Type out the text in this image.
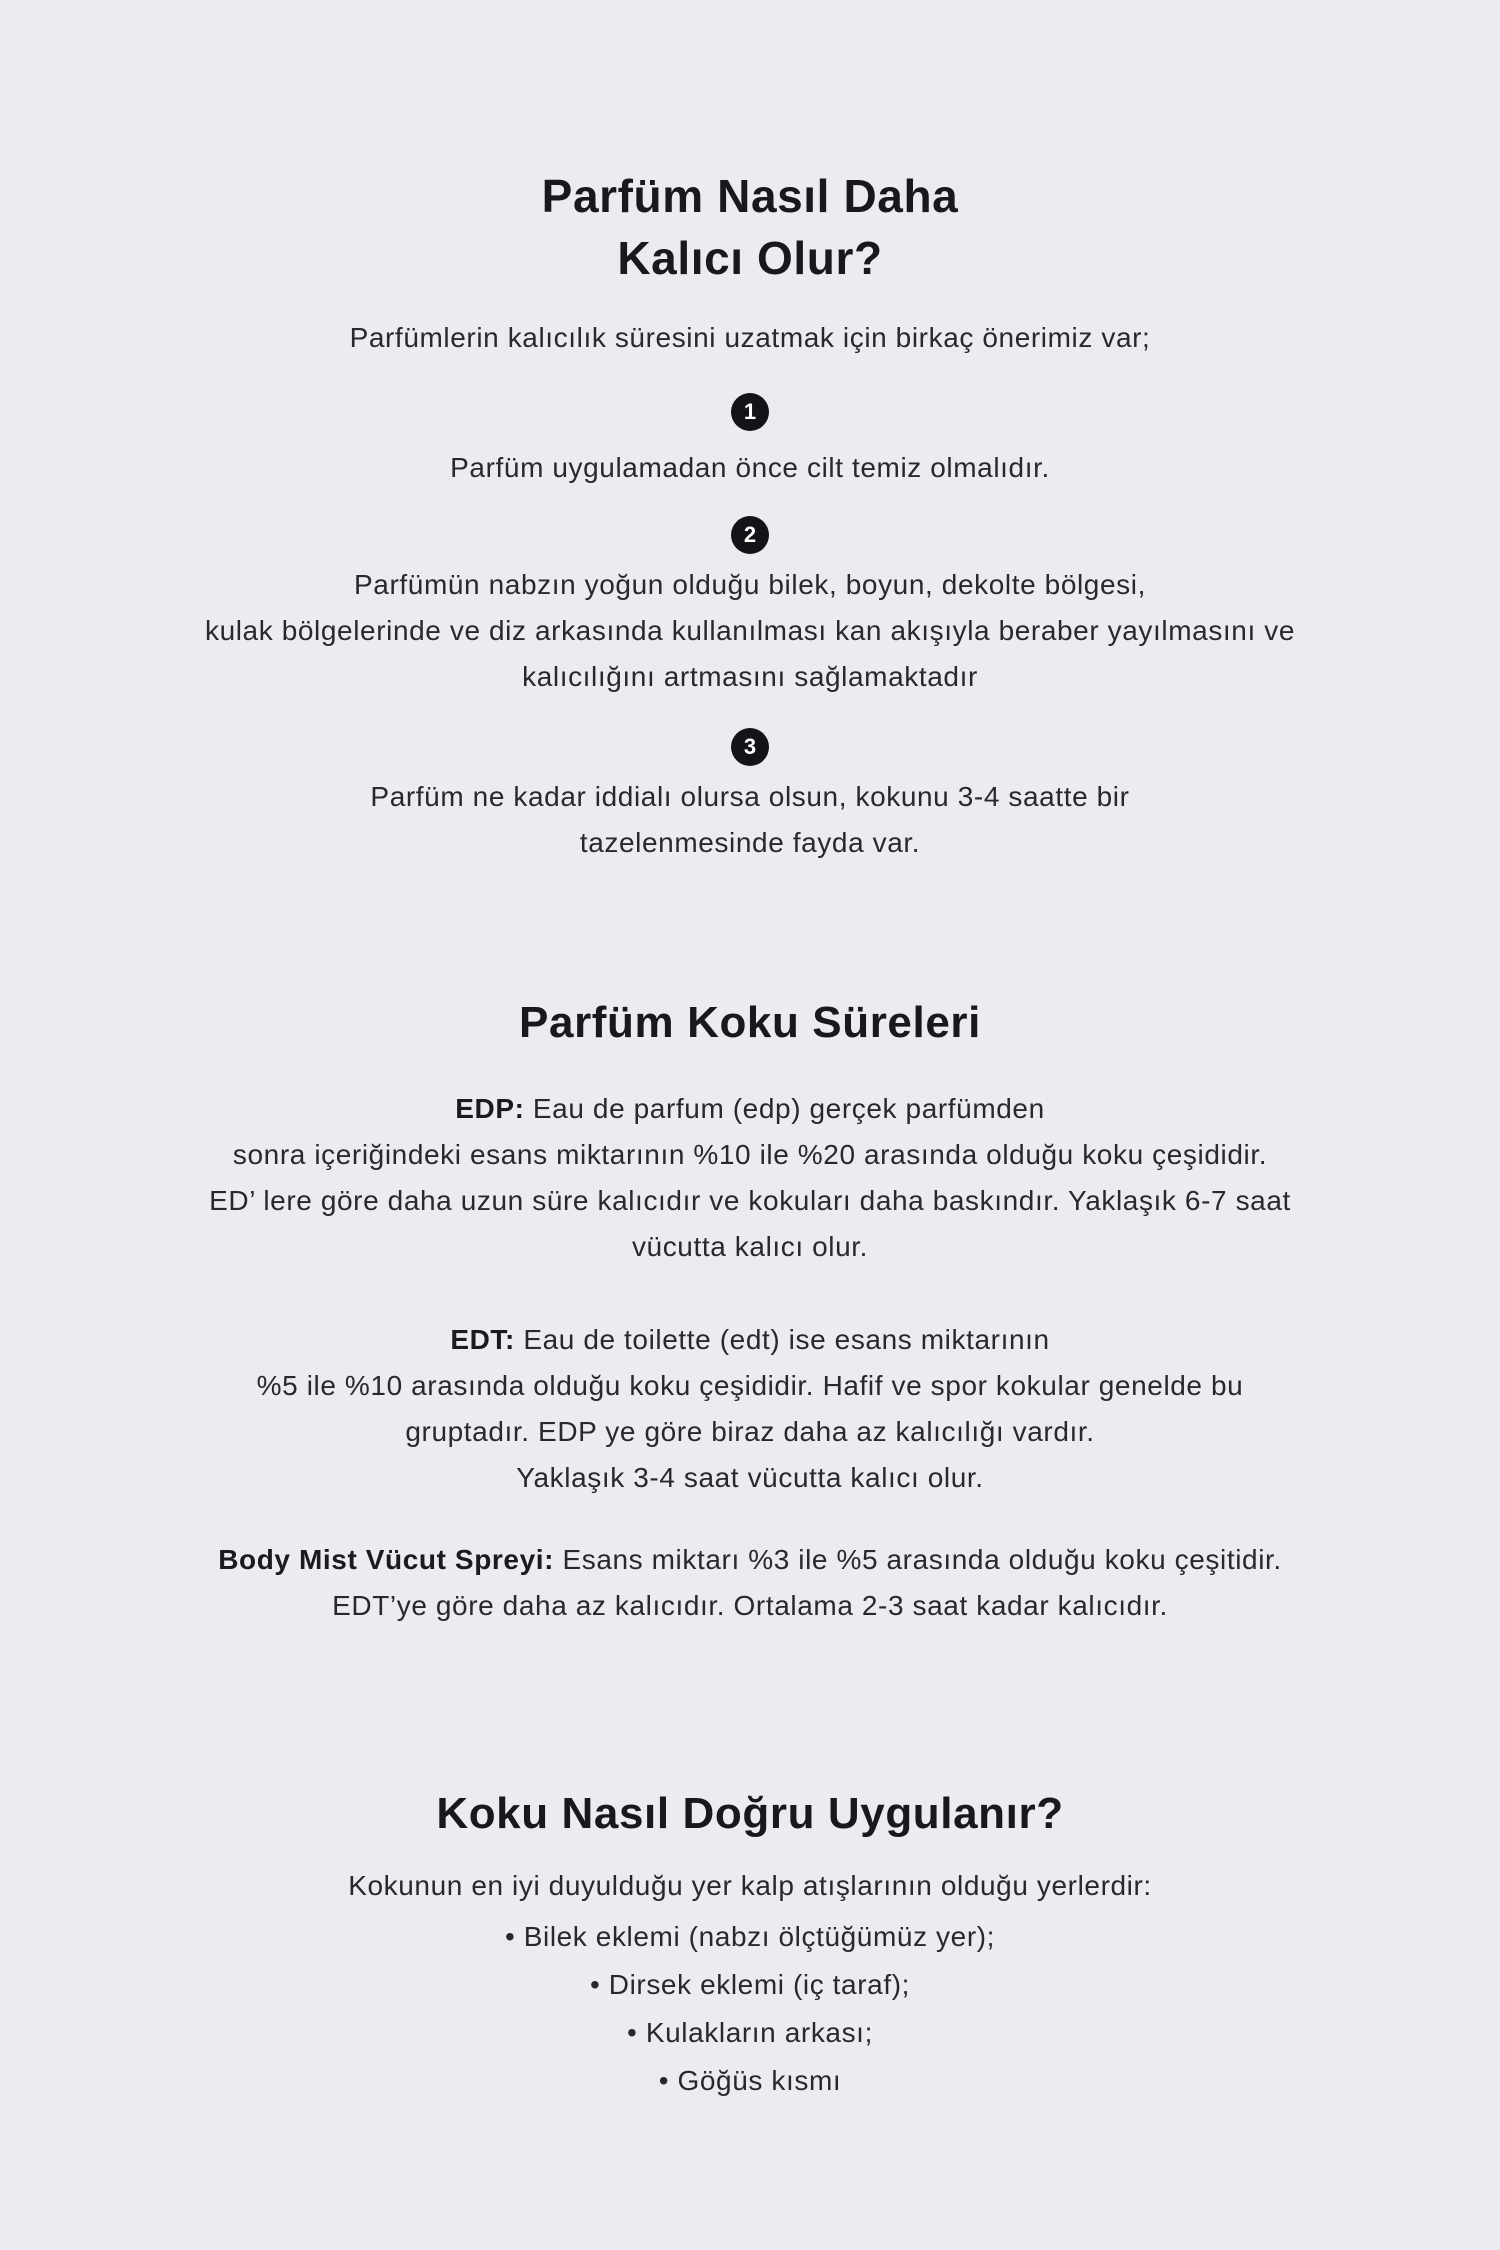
Parfüm Nasıl Daha
Kalıcı Olur?

Parfümlerin kalıcılık süresini uzatmak için birkaç önerimiz var;

1

Parfüm uygulamadan önce cilt temiz olmalıdır.

2

Parfümün nabzın yoğun olduğu bilek, boyun, dekolte bölgesi,
kulak bölgelerinde ve diz arkasında kullanılması kan akışıyla beraber yayılmasını ve
kalıcılığını artmasını sağlamaktadır

3

Parfüm ne kadar iddialı olursa olsun, kokunu 3-4 saatte bir
tazelenmesinde fayda var.

Parfüm Koku Süreleri

EDP: Eau de parfum (edp) gerçek parfümden
sonra içeriğindeki esans miktarının %10 ile %20 arasında olduğu koku çeşididir.
ED’ lere göre daha uzun süre kalıcıdır ve kokuları daha baskındır. Yaklaşık 6-7 saat
vücutta kalıcı olur.

EDT: Eau de toilette (edt) ise esans miktarının
%5 ile %10 arasında olduğu koku çeşididir. Hafif ve spor kokular genelde bu
gruptadır. EDP ye göre biraz daha az kalıcılığı vardır.
Yaklaşık 3-4 saat vücutta kalıcı olur.

Body Mist Vücut Spreyi: Esans miktarı %3 ile %5 arasında olduğu koku çeşitidir.
EDT’ye göre daha az kalıcıdır. Ortalama 2-3 saat kadar kalıcıdır.

Koku Nasıl Doğru Uygulanır?

Kokunun en iyi duyulduğu yer kalp atışlarının olduğu yerlerdir:

• Bilek eklemi (nabzı ölçtüğümüz yer);
• Dirsek eklemi (iç taraf);
• Kulakların arkası;
• Göğüs kısmı
